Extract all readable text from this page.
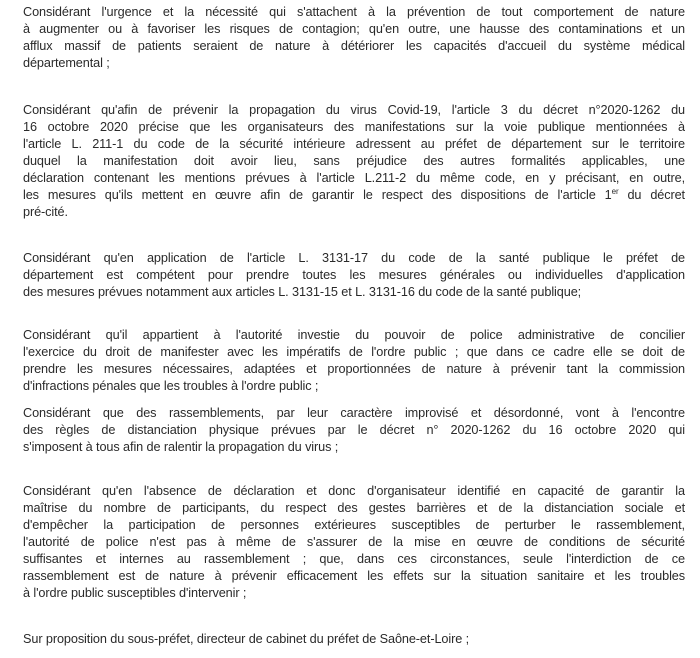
Considérant l'urgence et la nécessité qui s'attachent à la prévention de tout comportement de nature
à augmenter ou à favoriser les risques de contagion; qu'en outre, une hausse des contaminations et un
afflux massif de patients seraient de nature à détériorer les capacités d'accueil du système médical
départemental ;

Considérant qu'afin de prévenir la propagation du virus Covid-19, l'article 3 du décret n°2020-1262 du
16 octobre 2020 précise que les organisateurs des manifestations sur la voie publique mentionnées à
l'article L. 211-1 du code de la sécurité intérieure adressent au préfet de département sur le territoire
duquel la manifestation doit avoir lieu, sans préjudice des autres formalités applicables, une
déclaration contenant les mentions prévues à l'article L.211-2 du même code, en y précisant, en outre,
les mesures qu'ils mettent en œuvre afin de garantir le respect des dispositions de l'article 1er du décret
pré-cité.

Considérant qu'en application de l'article L. 3131-17 du code de la santé publique le préfet de
département est compétent pour prendre toutes les mesures générales ou individuelles d'application
des mesures prévues notamment aux articles L. 3131-15 et L. 3131-16 du code de la santé publique;

Considérant qu'il appartient à l'autorité investie du pouvoir de police administrative de concilier
l'exercice du droit de manifester avec les impératifs de l'ordre public ; que dans ce cadre elle se doit de
prendre les mesures nécessaires, adaptées et proportionnées de nature à prévenir tant la commission
d'infractions pénales que les troubles à l'ordre public ;

Considérant que des rassemblements, par leur caractère improvisé et désordonné, vont à l'encontre
des règles de distanciation physique prévues par le décret n° 2020-1262 du 16 octobre 2020 qui
s'imposent à tous afin de ralentir la propagation du virus ;

Considérant qu'en l'absence de déclaration et donc d'organisateur identifié en capacité de garantir la
maîtrise du nombre de participants, du respect des gestes barrières et de la distanciation sociale et
d'empêcher la participation de personnes extérieures susceptibles de perturber le rassemblement,
l'autorité de police n'est pas à même de s'assurer de la mise en œuvre de conditions de sécurité
suffisantes et internes au rassemblement ; que, dans ces circonstances, seule l'interdiction de ce
rassemblement est de nature à prévenir efficacement les effets sur la situation sanitaire et les troubles
à l'ordre public susceptibles d'intervenir ;

Sur proposition du sous-préfet, directeur de cabinet du préfet de Saône-et-Loire ;
